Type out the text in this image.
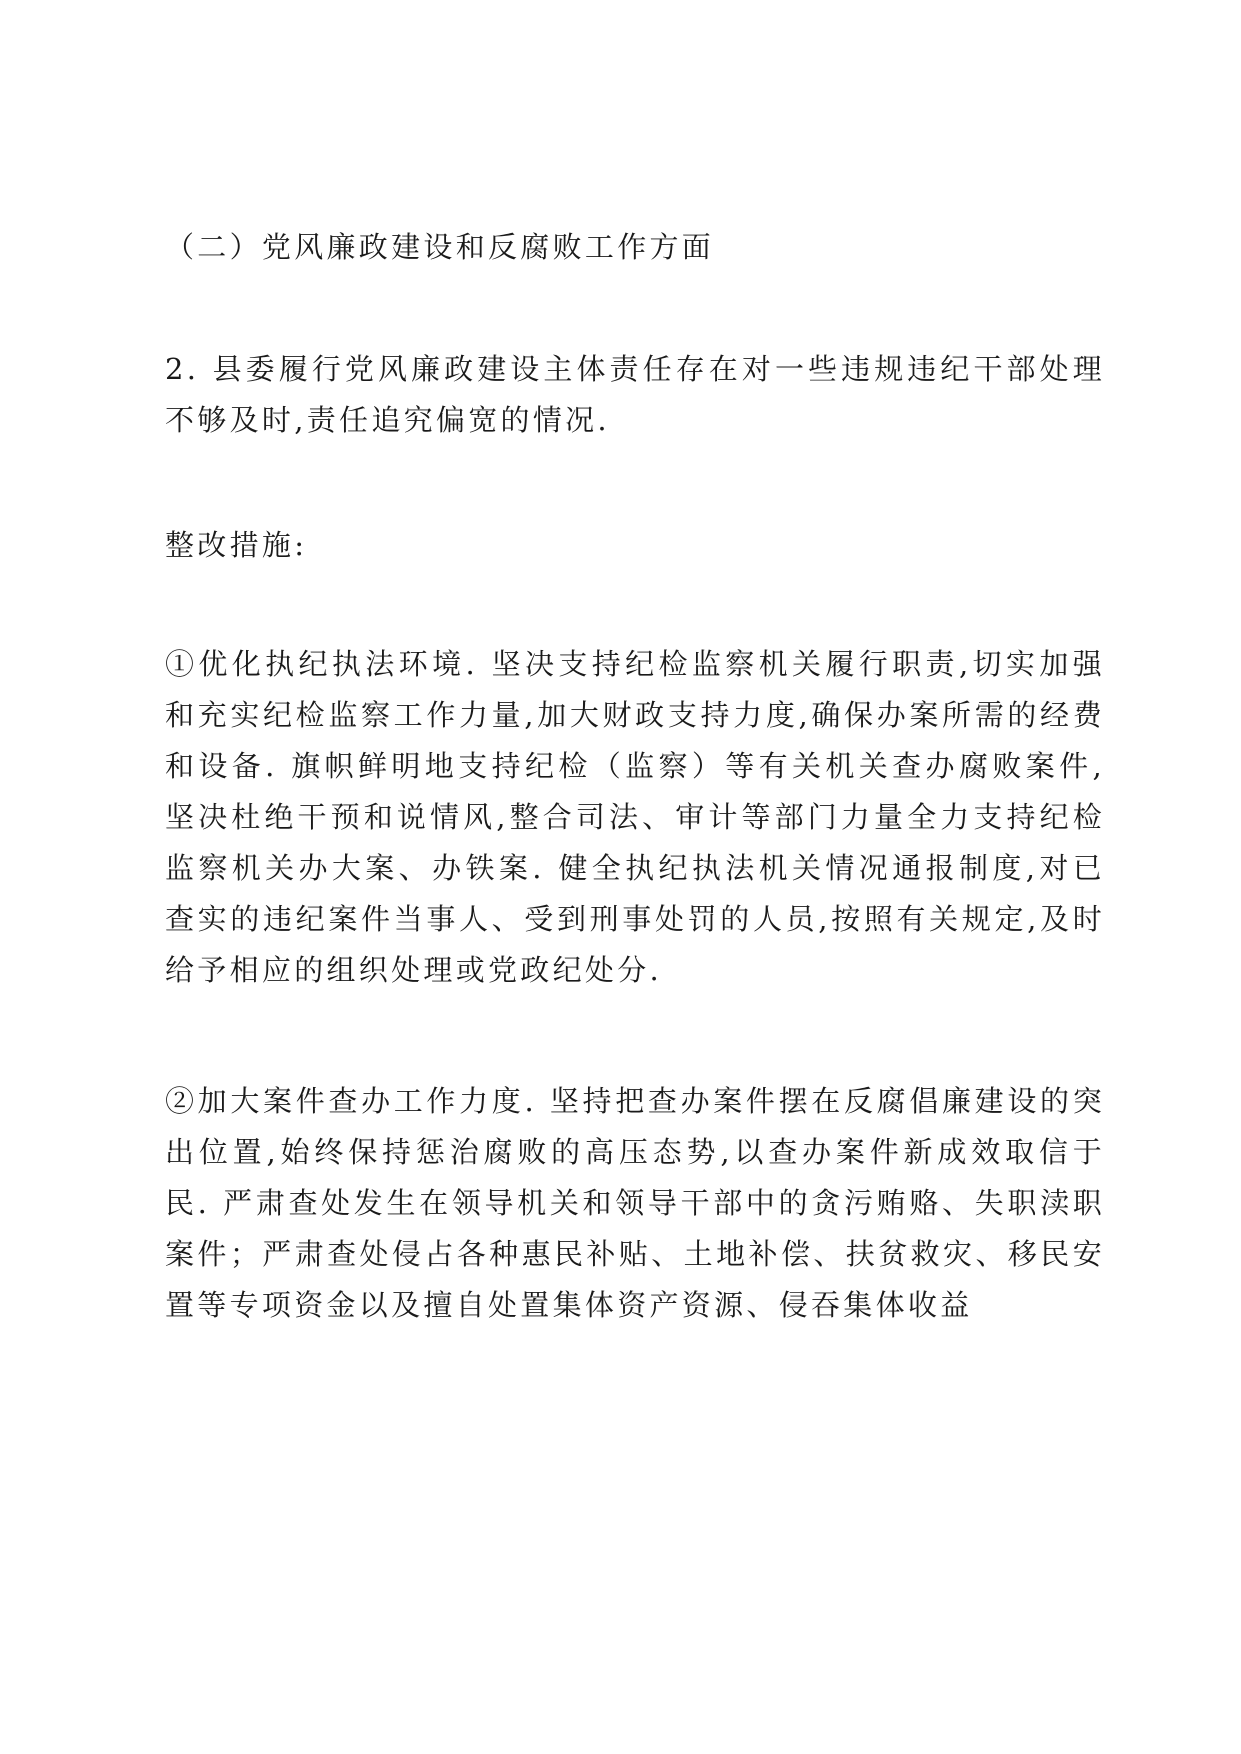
（二）党风廉政建设和反腐败工作方面

2. 县委履行党风廉政建设主体责任存在对一些违规违纪干部处理不够及时,责任追究偏宽的情况.

整改措施:

①优化执纪执法环境. 坚决支持纪检监察机关履行职责,切实加强和充实纪检监察工作力量,加大财政支持力度,确保办案所需的经费和设备. 旗帜鲜明地支持纪检（监察）等有关机关查办腐败案件,坚决杜绝干预和说情风,整合司法、审计等部门力量全力支持纪检监察机关办大案、办铁案. 健全执纪执法机关情况通报制度,对已查实的违纪案件当事人、受到刑事处罚的人员,按照有关规定,及时给予相应的组织处理或党政纪处分.

②加大案件查办工作力度. 坚持把查办案件摆在反腐倡廉建设的突出位置,始终保持惩治腐败的高压态势,以查办案件新成效取信于民. 严肃查处发生在领导机关和领导干部中的贪污贿赂、失职渎职案件；严肃查处侵占各种惠民补贴、土地补偿、扶贫救灾、移民安置等专项资金以及擅自处置集体资产资源、侵吞集体收益
